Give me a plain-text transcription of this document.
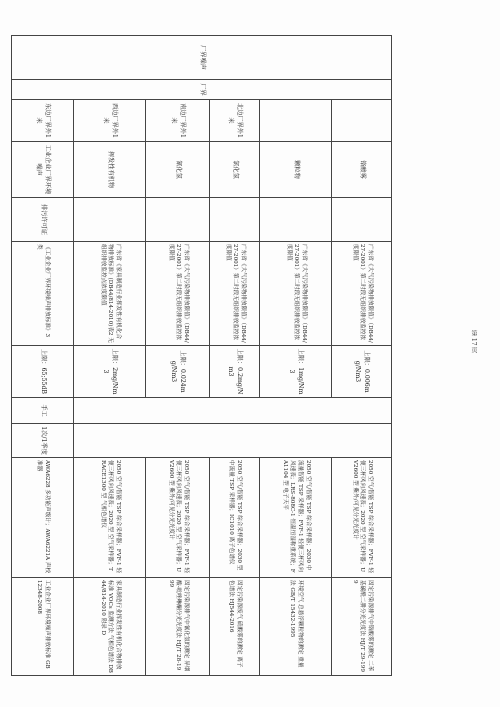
厂界噪声	厂界		铬酸雾		广东省《大气污染物排放限值》（DB44/27-2001）第二时段无组织排放监控浓度限值	上限：0.006mg/Nm3			2050 空气/智能 TSP 综合采样器；FVF-1 轻便三杯风向风速表；2020 型 空气采样器；UV2600 型 紫外/可见分光光度计	固定污染源排气中铬酸雾的测定 二苯基碳酰二肼分光光度法 HJ/T 29-1999
			颗粒物		广东省《大气污染物排放限值》（DB44/27-2001）第二时段无组织排放监控浓度限值	上限：1mg/Nm3			2050 空气/智能 TSP 综合采样器；2030 中流量智能 TSP 采样器；FVF-1 轻便三杯风向风速表；LRS-808C-1 恒温恒湿称重系统；FA1104 型 电子天平	环境空气 总悬浮颗粒物的测定 重量法 GB/T 15432-1995
		北边厂界外1米	氯化氢		广东省《大气污染物排放限值》（DB44/27-2001）第二时段无组织排放监控浓度限值	上限：0.2mg/Nm3			2050 空气/智能 TSP 综合采样器；2030 型 中流量 TSP 采样器；IC1010 离子色谱仪	固定污染源废气 硫酸雾的测定 离子色谱法 HJ544-2016
		南边厂界外1米	氰化氢		广东省《大气污染物排放限值》（DB44/27-2001）第二时段无组织排放监控浓度限值	上限：0.024mg/Nm3			2050 空气/智能 TSP 综合采样器；FVF-1 轻便三杯风向风速表；2020 型 空气采样器；UV2600 型 紫外/可见分光光度计	固定污染源排气中氰化氢的测定 异烟酸-吡唑啉酮分光光度法 HJ/T 28-1999
		西边厂界外1米	挥发性有机物		广东省《家具制造行业挥发性有机化合物排放标准》(DB44/814-2010)表2 无组织排放监控点浓度限值	上限：2mg/Nm3			2050 空气/智能 TSP 综合采样器；FVF-1 轻便三杯风向风速表；2020 型 空气采样器；TRACE1300 型 气相色谱仪	家具制造行业挥发性有机化合物排放标准 VOCs 监测方法 气相色谱法 DB 44/814-2010 附录 D
		东边厂界外1米	工业企业厂界环境噪声	排污许可证	《工业企业厂界环境噪声排放标准》3 类	上限：65;55dB	手工	1次/1季度	AWA6228 多功能声级计；AWA6221A 声校准器	工业企业厂界环境噪声排放标准 GB 12348-2008
第 17 页
